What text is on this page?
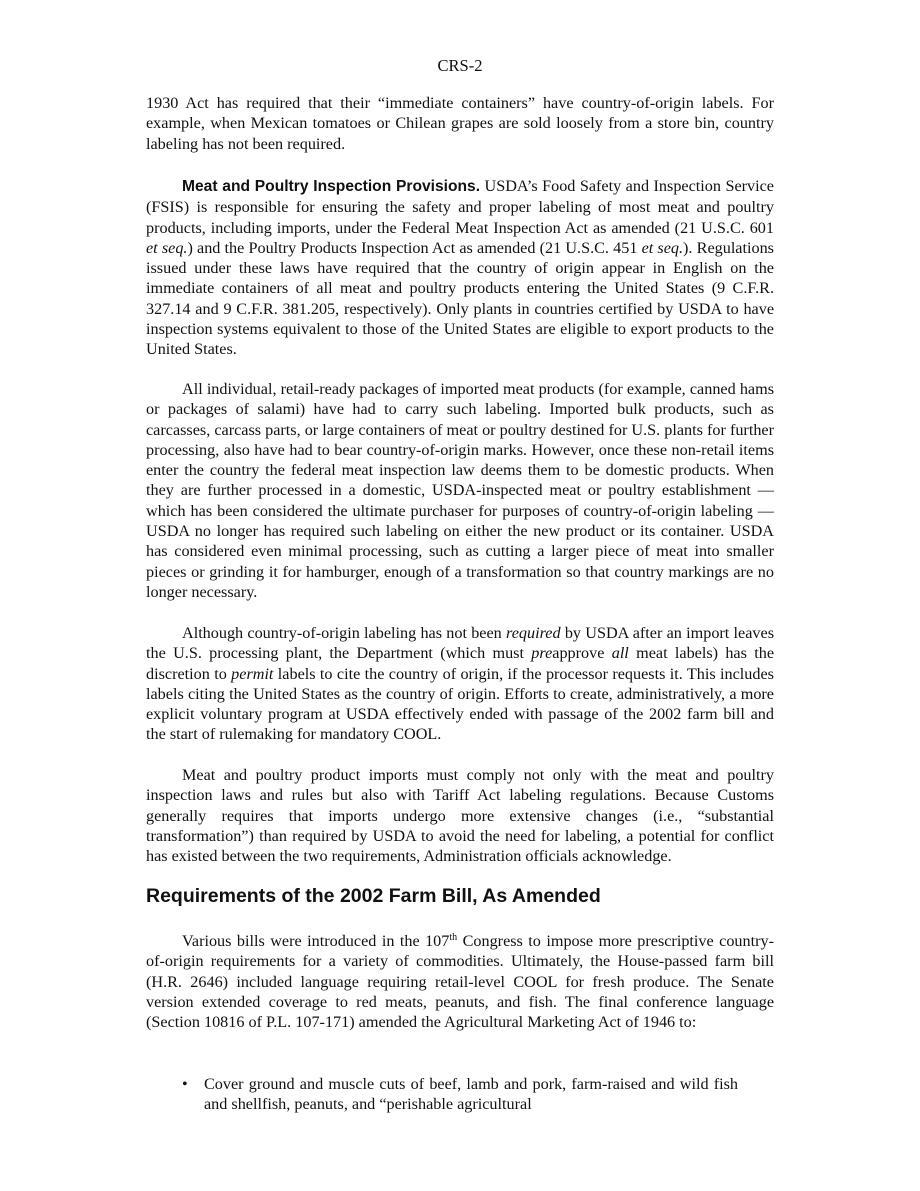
CRS-2

1930 Act has required that their “immediate containers” have country-of-origin labels. For example, when Mexican tomatoes or Chilean grapes are sold loosely from a store bin, country labeling has not been required.

Meat and Poultry Inspection Provisions. USDA’s Food Safety and Inspection Service (FSIS) is responsible for ensuring the safety and proper labeling of most meat and poultry products, including imports, under the Federal Meat Inspection Act as amended (21 U.S.C. 601 et seq.) and the Poultry Products Inspection Act as amended (21 U.S.C. 451 et seq.). Regulations issued under these laws have required that the country of origin appear in English on the immediate containers of all meat and poultry products entering the United States (9 C.F.R. 327.14 and 9 C.F.R. 381.205, respectively). Only plants in countries certified by USDA to have inspection systems equivalent to those of the United States are eligible to export products to the United States.

All individual, retail-ready packages of imported meat products (for example, canned hams or packages of salami) have had to carry such labeling. Imported bulk products, such as carcasses, carcass parts, or large containers of meat or poultry destined for U.S. plants for further processing, also have had to bear country-of-origin marks. However, once these non-retail items enter the country the federal meat inspection law deems them to be domestic products. When they are further processed in a domestic, USDA-inspected meat or poultry establishment — which has been considered the ultimate purchaser for purposes of country-of-origin labeling — USDA no longer has required such labeling on either the new product or its container. USDA has considered even minimal processing, such as cutting a larger piece of meat into smaller pieces or grinding it for hamburger, enough of a transformation so that country markings are no longer necessary.

Although country-of-origin labeling has not been required by USDA after an import leaves the U.S. processing plant, the Department (which must preapprove all meat labels) has the discretion to permit labels to cite the country of origin, if the processor requests it. This includes labels citing the United States as the country of origin. Efforts to create, administratively, a more explicit voluntary program at USDA effectively ended with passage of the 2002 farm bill and the start of rulemaking for mandatory COOL.

Meat and poultry product imports must comply not only with the meat and poultry inspection laws and rules but also with Tariff Act labeling regulations. Because Customs generally requires that imports undergo more extensive changes (i.e., “substantial transformation”) than required by USDA to avoid the need for labeling, a potential for conflict has existed between the two requirements, Administration officials acknowledge.

Requirements of the 2002 Farm Bill, As Amended

Various bills were introduced in the 107th Congress to impose more prescriptive country-of-origin requirements for a variety of commodities. Ultimately, the House-passed farm bill (H.R. 2646) included language requiring retail-level COOL for fresh produce. The Senate version extended coverage to red meats, peanuts, and fish. The final conference language (Section 10816 of P.L. 107-171) amended the Agricultural Marketing Act of 1946 to:

• Cover ground and muscle cuts of beef, lamb and pork, farm-raised and wild fish and shellfish, peanuts, and “perishable agricultural
